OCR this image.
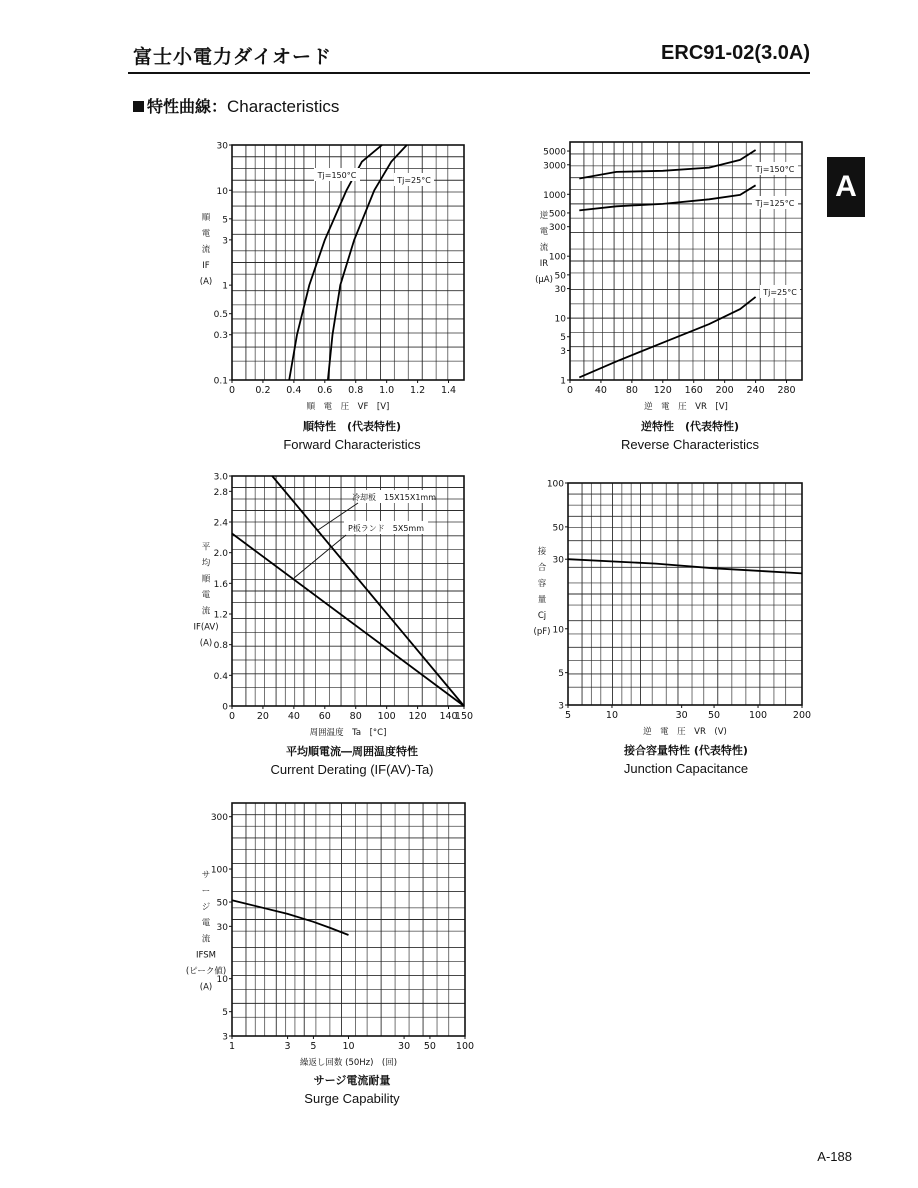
富士小電力ダイオード	ERC91-02(3.0A)
特性曲線：Characteristics
A
0 0.2 0.4 0.6 0.8 1.0 1.2 1.4
0.1
0.3
0.5
1
3
5
10
30
順　電　圧　VF　[V]
順
電
流
IF
(A)
Tj=150°C
Tj=25°C
0 40 80 120 160 200 240 280
1
3
5
10
30
50
100
300
500
1000
3000
5000
逆　電　圧　VR　[V]
逆
電
流
IR
(μA)
Tj=150°C
Tj=125°C
Tj=25°C
0 20 40 60 80 100 120 140
150
0
0.4
0.8
1.2
1.6
2.0
2.4
2.8
3.0
周囲温度　Ta　[°C]
平
均
順
電
流
IF(AV)
(A)
冷却板　15X15X1mm
P板ランド　5X5mm
5	10	30 50	100	200
3
5
10
30
50
100
逆　電　圧　VR　(V)
接
合
容
量
Cj
(pF)
1	3 5	10	30 50 100
3
5
10
30
50
100
300
繰返し回数 (50Hz)　(回)
サ
ー
ジ
電
流
IFSM
(ピーク値)
(A)
順特性　(代表特性)
Forward Characteristics
逆特性　(代表特性)
Reverse Characteristics
平均順電流―周囲温度特性
Current Derating (IF(AV)-Ta)
接合容量特性 (代表特性)
Junction Capacitance
サージ電流耐量
Surge Capability
A-188
